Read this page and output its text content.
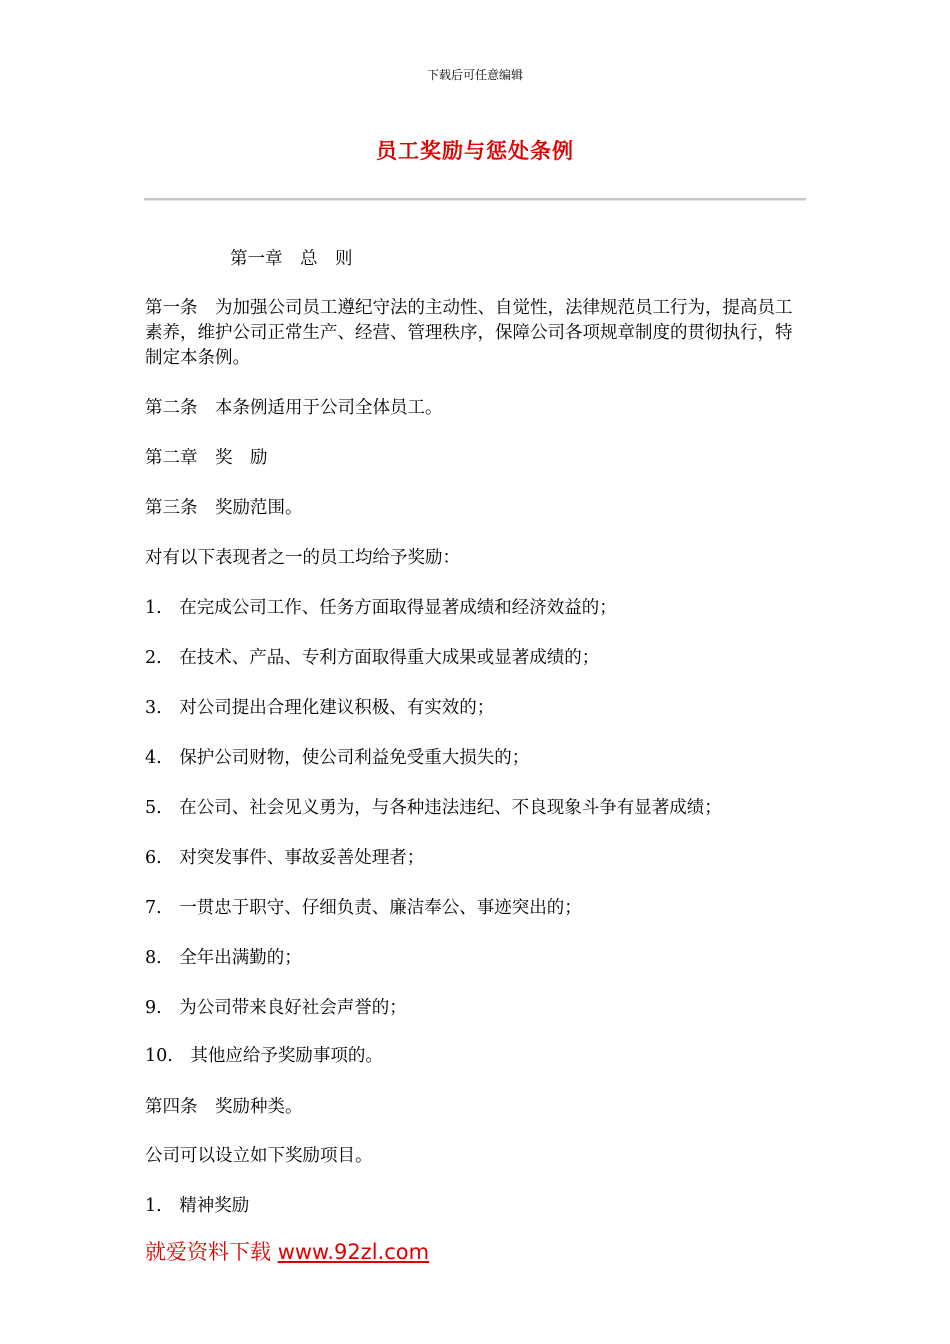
下载后可任意编辑
员工奖励与惩处条例
第一章　总　则
第一条　为加强公司员工遵纪守法的主动性、自觉性，法律规范员工行为，提高员工素养，维护公司正常生产、经营、管理秩序，保障公司各项规章制度的贯彻执行，特制定本条例。
第二条　本条例适用于公司全体员工。
第二章　奖　励
第三条　奖励范围。
对有以下表现者之一的员工均给予奖励：
1.　在完成公司工作、任务方面取得显著成绩和经济效益的；
2.　在技术、产品、专利方面取得重大成果或显著成绩的；
3.　对公司提出合理化建议积极、有实效的；
4.　保护公司财物，使公司利益免受重大损失的；
5.　在公司、社会见义勇为，与各种违法违纪、不良现象斗争有显著成绩；
6.　对突发事件、事故妥善处理者；
7.　一贯忠于职守、仔细负责、廉洁奉公、事迹突出的；
8.　全年出满勤的；
9.　为公司带来良好社会声誉的；
10.　其他应给予奖励事项的。
第四条　奖励种类。
公司可以设立如下奖励项目。
1.　精神奖励
就爱资料下载 www.92zl.com
